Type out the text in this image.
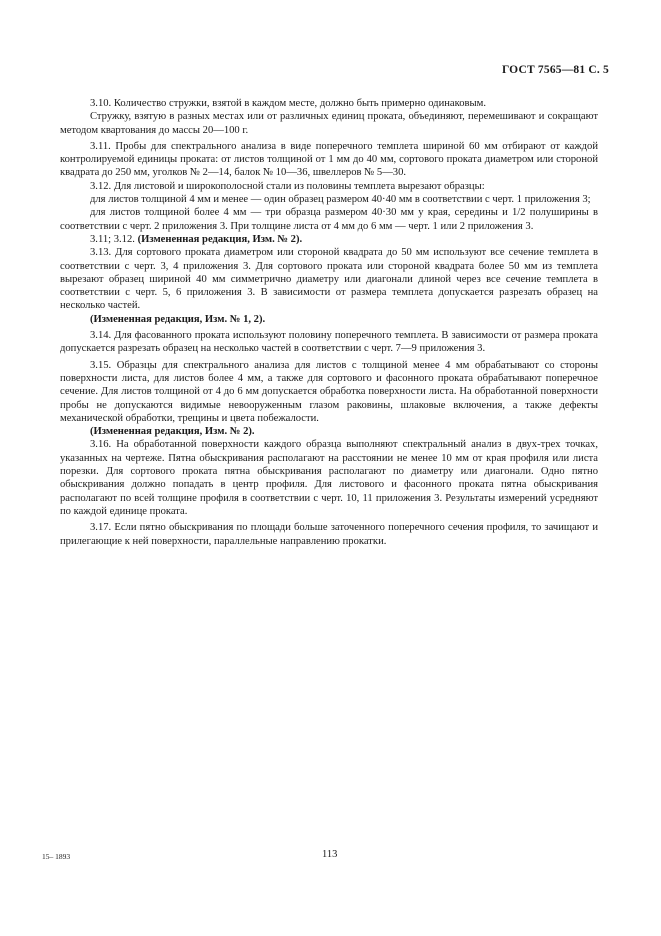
ГОСТ 7565—81 С. 5

3.10. Количество стружки, взятой в каждом месте, должно быть примерно одинаковым.

Стружку, взятую в разных местах или от различных единиц проката, объединяют, перемешивают и сокращают методом квартования до массы 20—100 г.

3.11. Пробы для спектрального анализа в виде поперечного темплета шириной 60 мм отбирают от каждой контролируемой единицы проката: от листов толщиной от 1 мм до 40 мм, сортового проката диаметром или стороной квадрата до 250 мм, уголков № 2—14, балок № 10—36, швеллеров № 5—30.

3.12. Для листовой и широкополосной стали из половины темплета вырезают образцы:

для листов толщиной 4 мм и менее — один образец размером 40·40 мм в соответствии с черт. 1 приложения 3;

для листов толщиной более 4 мм — три образца размером 40·30 мм у края, середины и 1/2 полуширины в соответствии с черт. 2 приложения 3. При толщине листа от 4 мм до 6 мм — черт. 1 или 2 приложения 3.

3.11; 3.12. (Измененная редакция, Изм. № 2).

3.13. Для сортового проката диаметром или стороной квадрата до 50 мм используют все сечение темплета в соответствии с черт. 3, 4 приложения 3. Для сортового проката или стороной квадрата более 50 мм из темплета вырезают образец шириной 40 мм симметрично диаметру или диагонали длиной через все сечение темплета в соответствии с черт. 5, 6 приложения 3. В зависимости от размера темплета допускается разрезать образец на несколько частей.

(Измененная редакция, Изм. № 1, 2).

3.14. Для фасованного проката используют половину поперечного темплета. В зависимости от размера проката допускается разрезать образец на несколько частей в соответствии с черт. 7—9 приложения 3.

3.15. Образцы для спектрального анализа для листов с толщиной менее 4 мм обрабатывают со стороны поверхности листа, для листов более 4 мм, а также для сортового и фасонного проката обрабатывают поперечное сечение. Для листов толщиной от 4 до 6 мм допускается обработка поверхности листа. На обработанной поверхности пробы не допускаются видимые невооруженным глазом раковины, шлаковые включения, а также дефекты механической обработки, трещины и цвета побежалости.

(Измененная редакция, Изм. № 2).

3.16. На обработанной поверхности каждого образца выполняют спектральный анализ в двух-трех точках, указанных на чертеже. Пятна обыскривания располагают на расстоянии не менее 10 мм от края профиля или листа порезки. Для сортового проката пятна обыскривания располагают по диаметру или диагонали. Одно пятно обыскривания должно попадать в центр профиля. Для листового и фасонного проката пятна обыскривания располагают по всей толщине профиля в соответствии с черт. 10, 11 приложения 3. Результаты измерений усредняют по каждой единице проката.

3.17. Если пятно обыскривания по площади больше заточенного поперечного сечения профиля, то зачищают и прилегающие к ней поверхности, параллельные направлению прокатки.

15– 1893	113
